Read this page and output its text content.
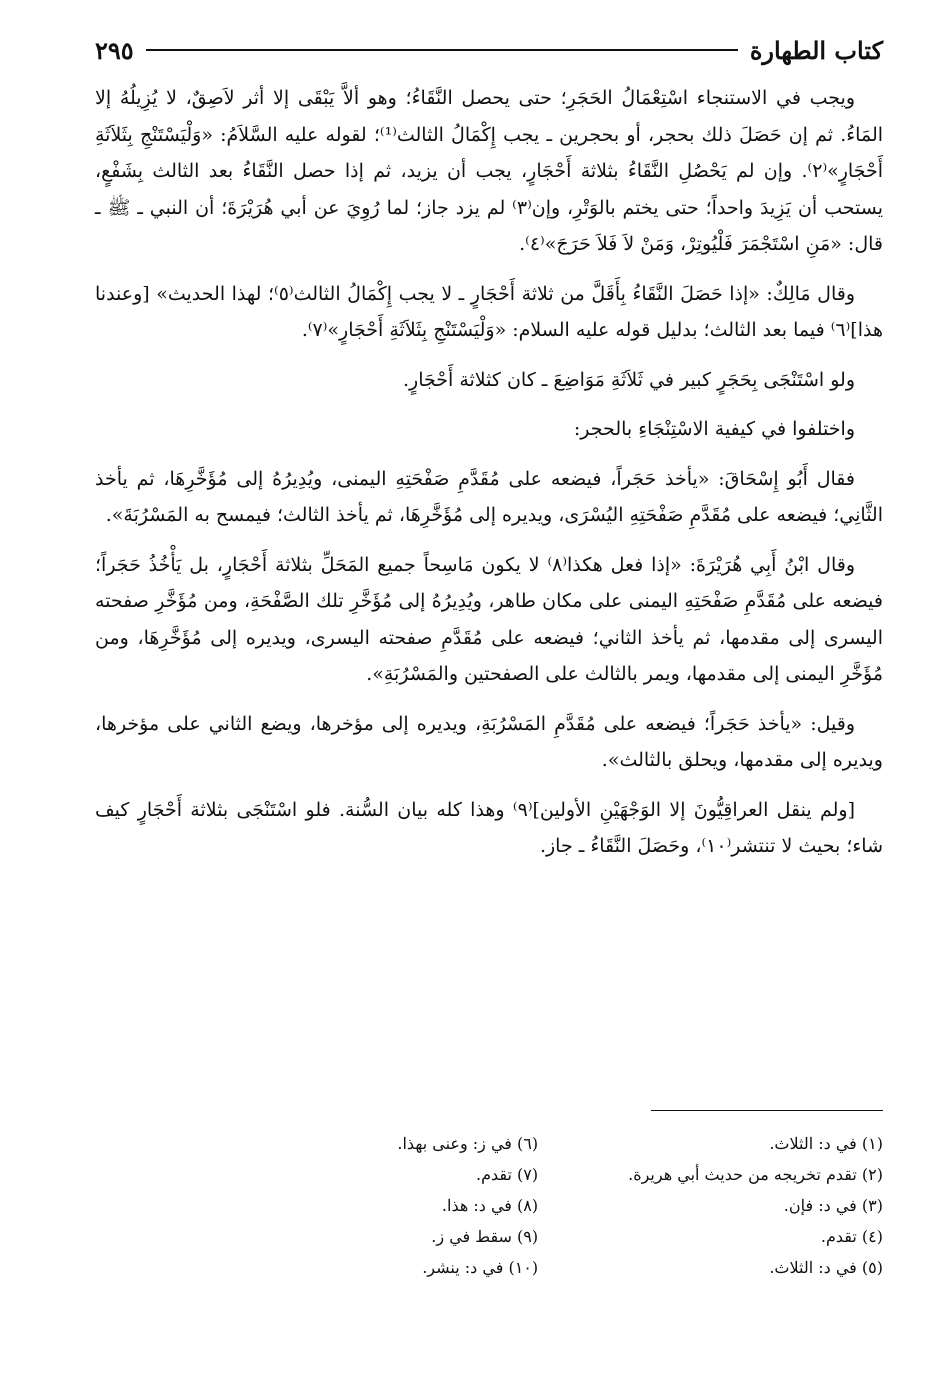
كتاب الطهارة
٢٩٥

ويجب في الاستنجاء اسْتِعْمَالُ الحَجَرِ؛ حتى يحصل النَّقَاءُ؛ وهو ألاَّ يَبْقَى إلا أثر لاَصِقٌ، لا يُزِيلُهُ إلا المَاءُ. ثم إن حَصَلَ ذلك بحجر، أو بحجرين ـ يجب إِكْمَالُ الثالث⁽¹⁾؛ لقوله عليه السَّلاَمُ: «وَلْيَسْتَنْجِ بِثَلاَثَةِ أَحْجَارٍ»⁽٢⁾. وإن لم يَحْصُلِ النَّقَاءُ بثلاثة أَحْجَارٍ، يجب أن يزيد، ثم إذا حصل النَّقَاءُ بعد الثالث بِشَفْعٍ، يستحب أن يَزِيدَ واحداً؛ حتى يختم بالوَتْرِ، وإن⁽٣⁾ لم يزد جاز؛ لما رُوِيَ عن أبي هُرَيْرَةَ؛ أن النبي ـ ﷺ ـ قال: «مَنِ اسْتَجْمَرَ فَلْيُوتِرْ، وَمَنْ لاَ فَلاَ حَرَجَ»⁽٤⁾.

وقال مَالِكٌ: «إذا حَصَلَ النَّقَاءُ بِأَقَلَّ من ثلاثة أَحْجَارٍ ـ لا يجب إِكْمَالُ الثالث⁽٥⁾؛ لهذا الحديث» [وعندنا هذا]⁽٦⁾ فيما بعد الثالث؛ بدليل قوله عليه السلام: «وَلْيَسْتَنْجِ بِثَلاَثَةِ أَحْجَارٍ»⁽٧⁾.

ولو اسْتَنْجَى بِحَجَرٍ كبير في ثَلاَثَةِ مَوَاضِعَ ـ كان كثلاثة أَحْجَارٍ.

واختلفوا في كيفية الاسْتِنْجَاءِ بالحجر:

فقال أَبُو إِسْحَاقَ: «يأخذ حَجَراً، فيضعه على مُقَدَّمِ صَفْحَتِهِ اليمنى، ويُدِيرُهُ إلى مُؤَخَّرِهَا، ثم يأخذ الثَّانِي؛ فيضعه على مُقَدَّمِ صَفْحَتِهِ اليُسْرَى، ويديره إلى مُؤَخَّرِهَا، ثم يأخذ الثالث؛ فيمسح به المَسْرُبَةَ».

وقال ابْنُ أَبِي هُرَيْرَةَ: «إذا فعل هكذا⁽٨⁾ لا يكون مَاسِحاً جميع المَحَلِّ بثلاثة أَحْجَارٍ، بل يَأْخُذُ حَجَراً؛ فيضعه على مُقَدَّمِ صَفْحَتِهِ اليمنى على مكان طاهر، ويُدِيرُهُ إلى مُؤَخَّرِ تلك الصَّفْحَةِ، ومن مُؤَخَّرِ صفحته اليسرى إلى مقدمها، ثم يأخذ الثاني؛ فيضعه على مُقَدَّمِ صفحته اليسرى، ويديره إلى مُؤَخَّرِهَا، ومن مُؤَخَّرِ اليمنى إلى مقدمها، ويمر بالثالث على الصفحتين والمَسْرُبَةِ».

وقيل: «يأخذ حَجَراً؛ فيضعه على مُقَدَّمِ المَسْرُبَةِ، ويديره إلى مؤخرها، ويضع الثاني على مؤخرها، ويديره إلى مقدمها، ويحلق بالثالث».

[ولم ينقل العراقِيُّونَ إلا الوَجْهَيْنِ الأولين]⁽٩⁾ وهذا كله بيان السُّنة. فلو اسْتَنْجَى بثلاثة أَحْجَارٍ كيف شاء؛ بحيث لا تنتشر⁽١٠⁾، وحَصَلَ النَّقَاءُ ـ جاز.

(١) في د: الثلاث.
(٢) تقدم تخريجه من حديث أبي هريرة.
(٣) في د: فإن.
(٤) تقدم.
(٥) في د: الثلاث.
(٦) في ز: وعنى بهذا.
(٧) تقدم.
(٨) في د: هذا.
(٩) سقط في ز.
(١٠) في د: ينشر.
